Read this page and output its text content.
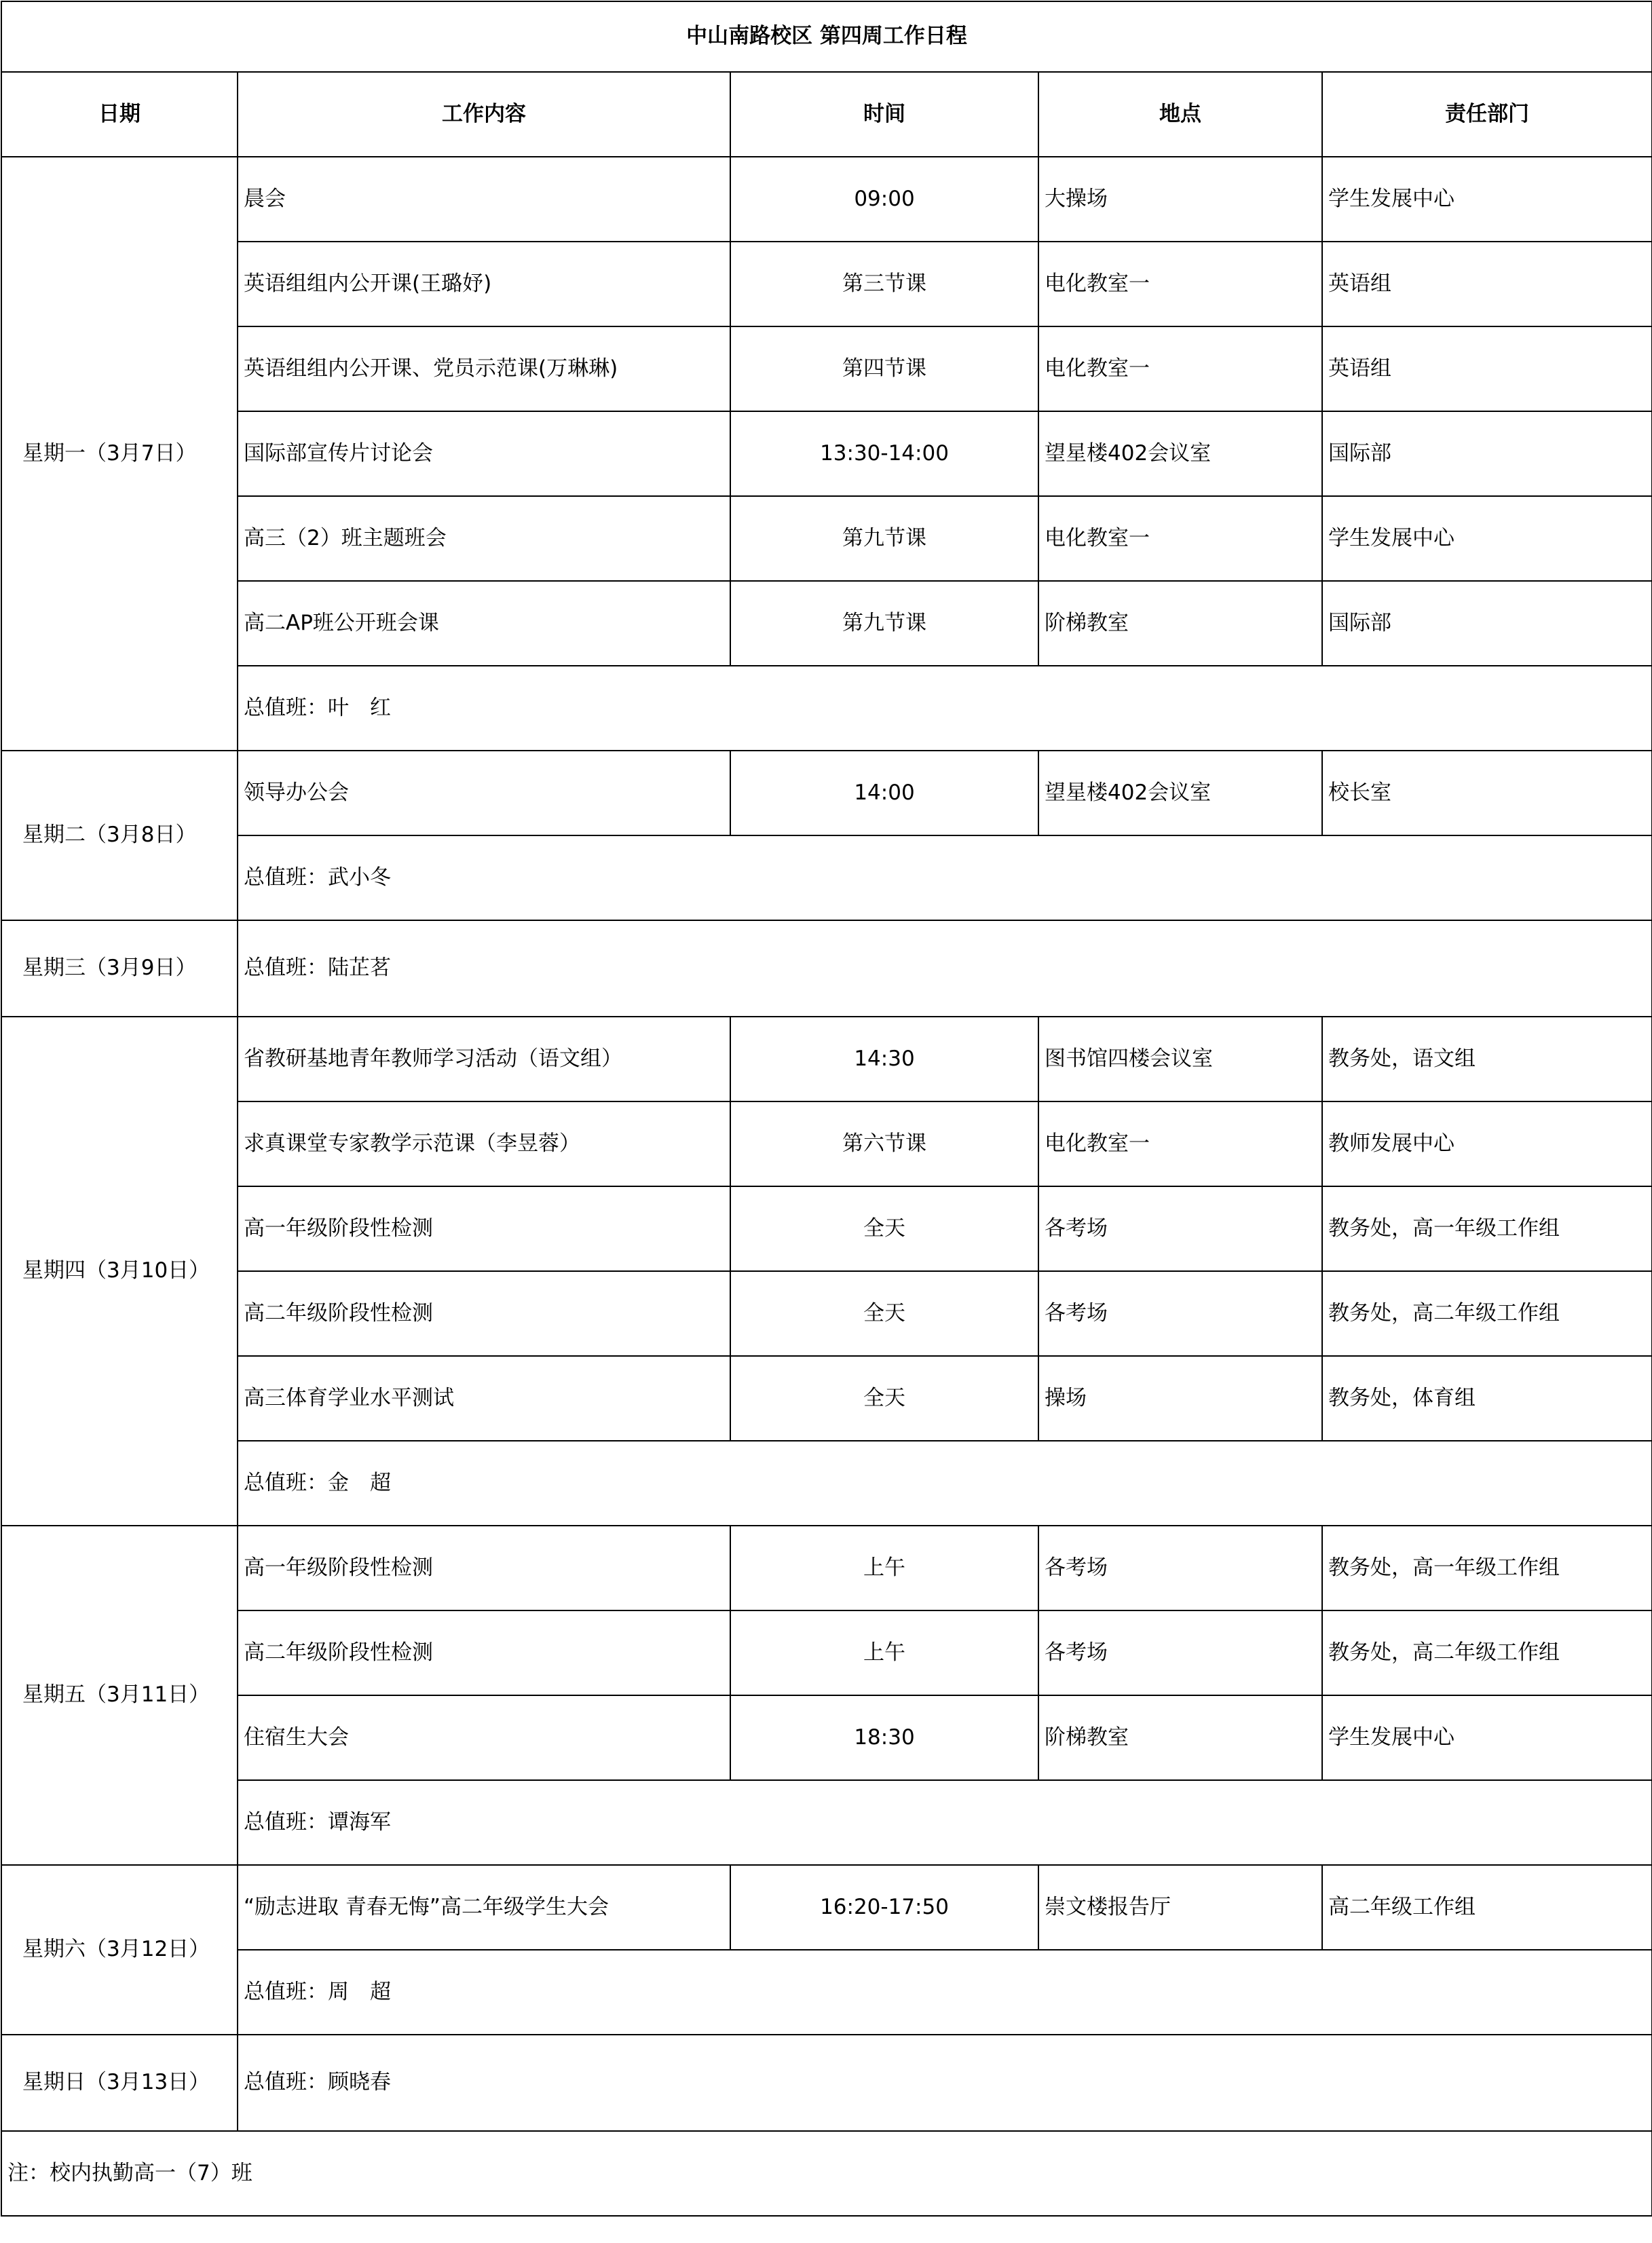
中山南路校区 第四周工作日程				
日期	工作内容	时间	地点	责任部门
星期一（3月7日）	晨会	09:00	大操场	学生发展中心
	英语组组内公开课(王璐妤)	第三节课	电化教室一	英语组
	英语组组内公开课、党员示范课(万琳琳)	第四节课	电化教室一	英语组
	国际部宣传片讨论会	13:30-14:00	望星楼402会议室	国际部
	高三（2）班主题班会	第九节课	电化教室一	学生发展中心
	高二AP班公开班会课	第九节课	阶梯教室	国际部
	总值班：叶　红			
星期二（3月8日）	领导办公会	14:00	望星楼402会议室	校长室
	总值班：武小冬			
星期三（3月9日）	总值班：陆芷茗			
星期四（3月10日）	省教研基地青年教师学习活动（语文组）	14:30	图书馆四楼会议室	教务处，语文组
	求真课堂专家教学示范课（李昱蓉）	第六节课	电化教室一	教师发展中心
	高一年级阶段性检测	全天	各考场	教务处，高一年级工作组
	高二年级阶段性检测	全天	各考场	教务处，高二年级工作组
	高三体育学业水平测试	全天	操场	教务处，体育组
	总值班：金　超			
星期五（3月11日）	高一年级阶段性检测	上午	各考场	教务处，高一年级工作组
	高二年级阶段性检测	上午	各考场	教务处，高二年级工作组
	住宿生大会	18:30	阶梯教室	学生发展中心
	总值班：谭海军			
星期六（3月12日）	“励志进取 青春无悔”高二年级学生大会	16:20-17:50	崇文楼报告厅	高二年级工作组
	总值班：周　超			
星期日（3月13日）	总值班：顾晓春			
注：校内执勤高一（7）班				
